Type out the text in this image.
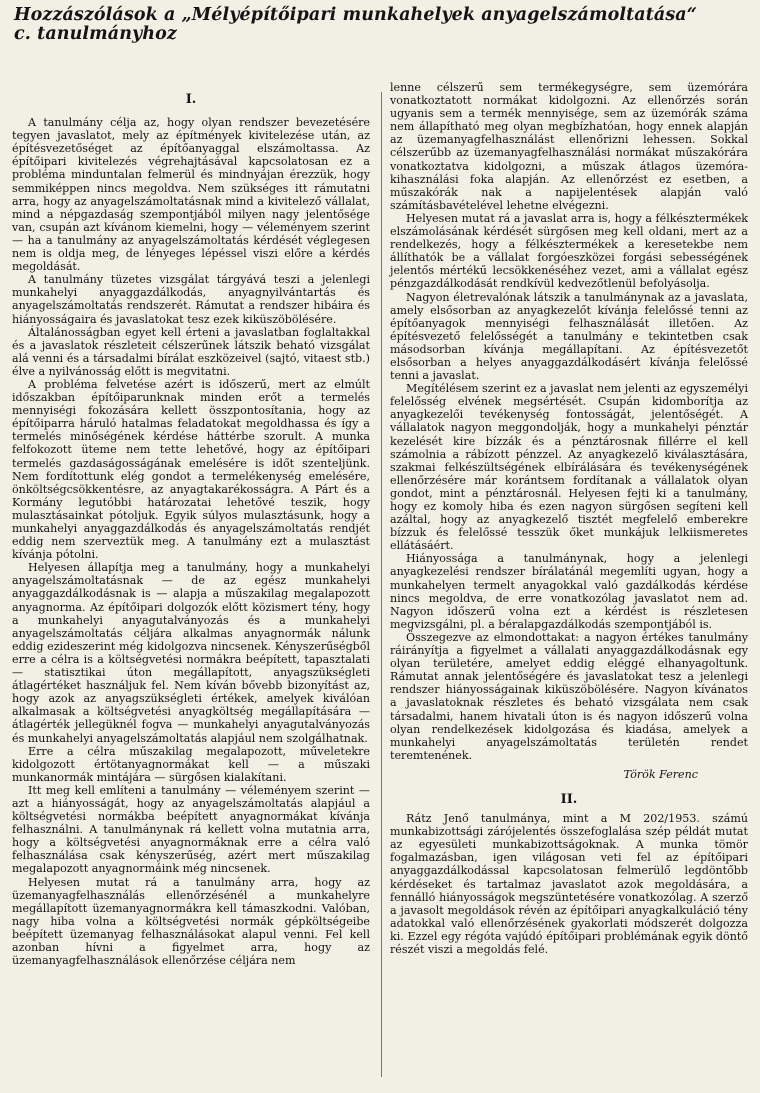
Hozzászólások a „Mélyépítőipari munkahelyek anyagelszámoltatása“
c. tanulmányhoz
I.

A tanulmány célja az, hogy olyan rendszer bevezetésére tegyen javaslatot, mely az építmények kivitelezése után, az építésvezetőséget az építőanyaggal elszámoltassa. Az építőipari kivitelezés végrehajtásával kapcsolatosan ez a probléma minduntalan felmerül és mindnyájan érezzük, hogy semmiképpen nincs megoldva. Nem szükséges itt rámutatni arra, hogy az anyagelszámoltatásnak mind a kivitelező vállalat, mind a népgazdaság szempontjából milyen nagy jelentősége van, csupán azt kívánom kiemelni, hogy — véleményem szerint — ha a tanulmány az anyagelszámoltatás kérdését véglegesen nem is oldja meg, de lényeges lépéssel viszi előre a kérdés megoldását.

A tanulmány tüzetes vizsgálat tárgyává teszi a jelenlegi munkahelyi anyaggazdálkodás, anyagnyilvántartás és anyagelszámoltatás rendszerét. Rámutat a rendszer hibáira és hiányosságaira és javaslatokat tesz ezek kiküszöbölésére.

Általánosságban egyet kell érteni a javaslatban foglaltakkal és a javaslatok részleteit célszerűnek látszik beható vizsgálat alá venni és a társadalmi bírálat eszközeivel (sajtó, vitaest stb.) élve a nyilvánosság előtt is megvitatni.

A probléma felvetése azért is időszerű, mert az elmúlt időszakban építőiparunknak minden erőt a termelés mennyiségi fokozására kellett összpontosítania, hogy az építőiparra háruló hatalmas feladatokat megoldhassa és így a termelés minőségének kérdése háttérbe szorult. A munka felfokozott üteme nem tette lehetővé, hogy az építőipari termelés gazdaságosságának emelésére is időt szenteljünk. Nem fordítottunk elég gondot a termelékenység emelésére, önköltségcsökkentésre, az anyagtakarékosságra. A Párt és a Kormány legutóbbi határozatai lehetővé teszik, hogy mulasztásainkat pótoljuk. Egyik súlyos mulasztásunk, hogy a munkahelyi anyaggazdálkodás és anyagelszámoltatás rendjét eddig nem szerveztük meg. A tanulmány ezt a mulasztást kívánja pótolni.

Helyesen állapítja meg a tanulmány, hogy a munkahelyi anyagelszámoltatásnak — de az egész munkahelyi anyaggazdálkodásnak is — alapja a műszakilag megalapozott anyagnorma. Az építőipari dolgozók előtt közismert tény, hogy a munkahelyi anyagutalványozás és a munkahelyi anyagelszámoltatás céljára alkalmas anyagnormák nálunk eddig ezideszerint még kidolgozva nincsenek. Kényszerűségből erre a célra is a költségvetési normákra beépített, tapasztalati — statisztikai úton megállapított, anyagszükségleti átlagértéket használjuk fel. Nem kíván bővebb bizonyítást az, hogy azok az anyagszükségleti értékek, amelyek kiválóan alkalmasak a költségvetési anyagköltség megállapítására — átlagérték jellegüknél fogva — munkahelyi anyagutalványozás és munkahelyi anyagelszámoltatás alapjául nem szolgálhatnak.

Erre a célra műszakilag megalapozott, műveletekre kidolgozott értötanyagnormákat kell — a műszaki munkanormák mintájára — sürgősen kialakítani.

Itt meg kell említeni a tanulmány — véleményem szerint — azt a hiányosságát, hogy az anyagelszámoltatás alapjául a költségvetési normákba beépített anyagnormákat kívánja felhasználni. A tanulmánynak rá kellett volna mutatnia arra, hogy a költségvetési anyagnormáknak erre a célra való felhasználása csak kényszerűség, azért mert műszakilag megalapozott anyagnormáink még nincsenek.

Helyesen mutat rá a tanulmány arra, hogy az üzemanyagfelhasználás ellenőrzésénél a munkahelyre megállapított üzemanyagnormákra kell támaszkodni. Valóban, nagy hiba volna a költségvetési normák gépköltségeibe beépített üzemanyag felhasználásokat alapul venni. Fel kell azonban hívni a figyelmet arra, hogy az üzemanyagfelhasználások ellenőrzése céljára nem

lenne célszerű sem termékegységre, sem üzemórára vonatkoztatott normákat kidolgozni. Az ellenőrzés során ugyanis sem a termék mennyisége, sem az üzemórák száma nem állapítható meg olyan megbízhatóan, hogy ennek alapján az üzemanyagfelhasználást ellenőrizni lehessen. Sokkal célszerűbb az üzemanyagfelhasználási normákat műszakórára vonatkoztatva kidolgozni, a műszak átlagos üzemóra-kihasználási foka alapján. Az ellenőrzést ez esetben, a műszakórák nak a napijelentések alapján való számításbavételével lehetne elvégezni.

Helyesen mutat rá a javaslat arra is, hogy a félkésztermékek elszámolásának kérdését sürgősen meg kell oldani, mert az a rendelkezés, hogy a félkésztermékek a keresetekbe nem állíthatók be a vállalat forgóeszközei forgási sebességének jelentős mértékű lecsökkenéséhez vezet, ami a vállalat egész pénzgazdálkodását rendkívül kedvezőtlenül befolyásolja.

Nagyon életrevalónak látszik a tanulmánynak az a javaslata, amely elsősorban az anyagkezelőt kívánja felelőssé tenni az építőanyagok mennyiségi felhasználását illetően. Az építésvezető felelősségét a tanulmány e tekintetben csak másodsorban kívánja megállapítani. Az építésvezetőt elsősorban a helyes anyaggazdálkodásért kívánja felelőssé tenni a javaslat.

Megítélésem szerint ez a javaslat nem jelenti az egyszemélyi felelősség elvének megsértését. Csupán kidomborítja az anyagkezelői tevékenység fontosságát, jelentőségét. A vállalatok nagyon meggondolják, hogy a munkahelyi pénztár kezelését kire bízzák és a pénztárosnak fillérre el kell számolnia a rábízott pénzzel. Az anyagkezelő kiválasztására, szakmai felkészültségének elbírálására és tevékenységének ellenőrzésére már korántsem fordítanak a vállalatok olyan gondot, mint a pénztárosnál. Helyesen fejti ki a tanulmány, hogy ez komoly hiba és ezen nagyon sürgősen segíteni kell azáltal, hogy az anyagkezelő tisztét megfelelő emberekre bízzuk és felelőssé tesszük őket munkájuk lelkiismeretes ellátásáért.

Hiányossága a tanulmánynak, hogy a jelenlegi anyagkezelési rendszer bírálatánál megemlíti ugyan, hogy a munkahelyen termelt anyagokkal való gazdálkodás kérdése nincs megoldva, de erre vonatkozólag javaslatot nem ad. Nagyon időszerű volna ezt a kérdést is részletesen megvizsgálni, pl. a béralapgazdálkodás szempontjából is.

Összegezve az elmondottakat: a nagyon értékes tanulmány ráirányítja a figyelmet a vállalati anyaggazdálkodásnak egy olyan területére, amelyet eddig eléggé elhanyagoltunk. Rámutat annak jelentőségére és javaslatokat tesz a jelenlegi rendszer hiányosságainak kiküszöbölésére. Nagyon kívánatos a javaslatoknak részletes és beható vizsgálata nem csak társadalmi, hanem hivatali úton is és nagyon időszerű volna olyan rendelkezések kidolgozása és kiadása, amelyek a munkahelyi anyagelszámoltatás területén rendet teremtenének.

Török Ferenc
II.

Rátz Jenő tanulmánya, mint a M 202/1953. számú munkabizottsági zárójelentés összefoglalása szép példát mutat az egyesületi munkabizottságoknak. A munka tömör fogalmazásban, igen világosan veti fel az építőipari anyaggazdálkodással kapcsolatosan felmerülő legdöntőbb kérdéseket és tartalmaz javaslatot azok megoldására, a fennálló hiányosságok megszüntetésére vonatkozólag. A szerző a javasolt megoldások révén az építőipari anyagkalkuláció tény adatokkal való ellenőrzésének gyakorlati módszerét dolgozza ki. Ezzel egy régóta vajúdó építőipari problémának egyik döntő részét viszi a megoldás felé.
